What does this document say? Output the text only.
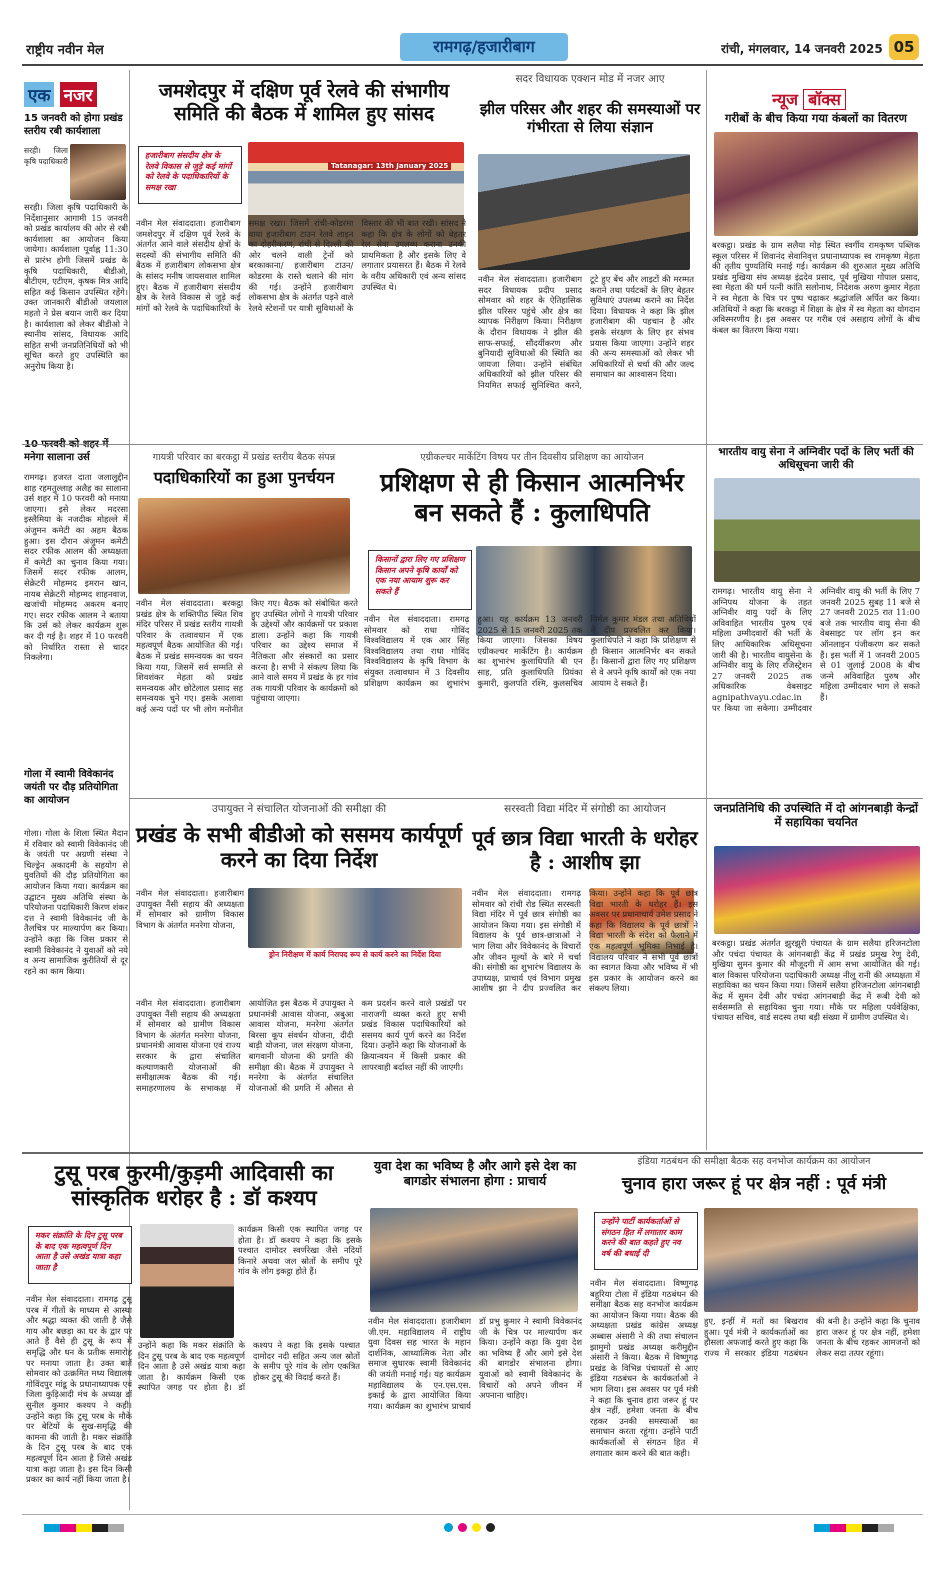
राष्ट्रीय नवीन मेल	रामगढ़/हजारीबाग	रांची, मंगलवार, 14 जनवरी 2025 05
एक नजर
15 जनवरी को होगा प्रखंड स्तरीय रबी कार्यशाला
सरही। जिला कृषि पदाधिकारी
सरही। जिला कृषि पदाधिकारी के निर्देशानुसार आगामी 15 जनवरी को प्रखंड कार्यालय की ओर से रबी कार्यशाला का आयोजन किया जायेगा। कार्यशाला पूर्वाह्न 11:30 से प्रारंभ होगी जिसमें प्रखंड के कृषि पदाधिकारी, बीडीओ, बीटीएम, एटीएम, कृषक मित्र आदि सहित कई किसान उपस्थित रहेंगे। उक्त जानकारी बीडीओ जयलाल महतो ने प्रेस बयान जारी कर दिया है। कार्यशाला को लेकर बीडीओ ने स्थानीय सांसद, विधायक आदि सहित सभी जनप्रतिनिधियों को भी सूचित करते हुए उपस्थिति का अनुरोध किया है।
मनेगा सालाना उर्स
रामगढ़। हजरत दाता जलालुद्दीन शाह रहमतुल्लाह अलैह का सालाना उर्स शहर में 10 फरवरी को मनाया जाएगा। इसे लेकर मदरसा इस्लैमिया के नजदीक मोहल्ले में अंजुमन कमेटी का अहम बैठक हुआ। इस दौरान अंजुमन कमेटी सदर रफीक आलम की अध्यक्षता में कमेटी का चुनाव किया गया। जिसमें सदर रफीक आलम, सेक्रेटरी मोहम्मद इमरान खान, नायब सेक्रेटरी मोहम्मद शाहनवाज, खजांची मोहम्मद अकरम बनाए गए। सदर रफीक आलम ने बताया कि उर्स को लेकर कार्यक्रम शुरू कर दी गई है। शहर में 10 फरवरी को निर्धारित रास्ता से चादर निकलेगा।
गोला में स्वामी विवेकानंद जयंती पर दौड़ प्रतियोगिता का आयोजन
गोला। गोला के शिला स्थित मैदान में रविवार को स्वामी विवेकानंद जी के जयंती पर अग्रणी संस्था ने चिल्ड्रेन अकादमी के सहयोग से युवतियों की दौड़ प्रतियोगिता का आयोजन किया गया। कार्यक्रम का उद्घाटन मुख्य अतिथि संस्था के परियोजना पदाधिकारी किरण शंकर दत्त ने स्वामी विवेकानंद जी के तैलचित्र पर माल्यार्पण कर किया। उन्होंने कहा कि जिस प्रकार से स्वामी विवेकानंद ने युवाओं को नये व अन्य सामाजिक कुरीतियों से दूर रहने का काम किया।
जमशेदपुर में दक्षिण पूर्व रेलवे की संभागीय समिति की बैठक में शामिल हुए सांसद
हजारीबाग संसदीय क्षेत्र के रेलवे विकास से जुड़े कई मांगों को रेलवे के पदाधिकारियों के समक्ष रखा
Tatanagar: 13th January 2025
नवीन मेल संवाददाता। हजारीबाग जमशेदपुर में दक्षिण पूर्व रेलवे के अंतर्गत आने वाले संसदीय क्षेत्रों के सदस्यों की संभागीय समिति की बैठक में हजारीबाग लोकसभा क्षेत्र के सांसद मनीष जायसवाल शामिल हुए। बैठक में हजारीबाग संसदीय क्षेत्र के रेलवे विकास से जुड़े कई मांगों को रेलवे के पदाधिकारियों के समक्ष रखा। जिसमें रांची-कोडरमा वाया हजारीबाग टाउन रेलवे लाइन का दोहरीकरण, रांची से दिल्ली की ओर चलने वाली ट्रेनों को बरकाकाना/ हजारीबाग टाउन/ कोडरमा के रास्ते चलाने की मांग की गई। उन्होंने हजारीबाग लोकसभा क्षेत्र के अंतर्गत पड़ने वाले रेलवे स्टेशनों पर यात्री सुविधाओं के विस्तार की भी बात रखी। सांसद ने कहा कि क्षेत्र के लोगों को बेहतर रेल सेवा उपलब्ध कराना उनकी प्राथमिकता है और इसके लिए वे लगातार प्रयासरत हैं। बैठक में रेलवे के वरीय अधिकारी एवं अन्य सांसद उपस्थित थे।
सदर विधायक एक्शन मोड में नजर आए
झील परिसर और शहर की समस्याओं पर गंभीरता से लिया संज्ञान
नवीन मेल संवाददाता। हजारीबाग सदर विधायक प्रदीप प्रसाद सोमवार को शहर के ऐतिहासिक झील परिसर पहुंचे और क्षेत्र का व्यापक निरीक्षण किया। निरीक्षण के दौरान विधायक ने झील की साफ-सफाई, सौंदर्यीकरण और बुनियादी सुविधाओं की स्थिति का जायजा लिया। उन्होंने संबंधित अधिकारियों को झील परिसर की नियमित सफाई सुनिश्चित करने, टूटे हुए बेंच और लाइटों की मरम्मत कराने तथा पर्यटकों के लिए बेहतर सुविधाएं उपलब्ध कराने का निर्देश दिया। विधायक ने कहा कि झील हजारीबाग की पहचान है और इसके संरक्षण के लिए हर संभव प्रयास किया जाएगा। उन्होंने शहर की अन्य समस्याओं को लेकर भी अधिकारियों से चर्चा की और जल्द समाधान का आश्वासन दिया।
न्यूज बॉक्स
गरीबों के बीच किया गया कंबलों का वितरण
बरकट्ठा। प्रखंड के ग्राम सलैया मोड़ स्थित स्वर्गीय रामकृष्ण पब्लिक स्कूल परिसर में शिवानंद सेवानिवृत्त प्रधानाध्यापक स्व रामकृष्ण मेहता की तृतीय पुण्यतिथि मनाई गई। कार्यक्रम की शुरुआत मुख्य अतिथि प्रखंड मुखिया संघ अध्यक्ष इंद्रदेव प्रसाद, पूर्व मुखिया गोपाल प्रसाद, स्वा मेहता की धर्म पत्नी कांति सलोनाथ, निदेशक अरुण कुमार मेहता ने स्व मेहता के चित्र पर पुष्प चढ़ाकर श्रद्धांजलि अर्पित कर किया। अतिथियों ने कहा कि बरकट्ठा में शिक्षा के क्षेत्र में स्व मेहता का योगदान अविस्मरणीय है। इस अवसर पर गरीब एवं असहाय लोगों के बीच कंबल का वितरण किया गया।
गायत्री परिवार का बरकट्ठा में प्रखंड स्तरीय बैठक संपन्न
पदाधिकारियों का हुआ पुनर्चयन
नवीन मेल संवाददाता। बरकट्ठा प्रखंड क्षेत्र के शक्तिपीठ स्थित शिव मंदिर परिसर में प्रखंड स्तरीय गायत्री परिवार के तत्वावधान में एक महत्वपूर्ण बैठक आयोजित की गई। बैठक में प्रखंड समन्वयक का चयन किया गया, जिसमें सर्व सम्मति से शिवशंकर मेहता को प्रखंड समन्वयक और छोटेलाल प्रसाद सह समन्वयक चुने गए। इसके अलावा कई अन्य पदों पर भी लोग मनोनीत किए गए। बैठक को संबोधित करते हुए उपस्थित लोगों ने गायत्री परिवार के उद्देश्यों और कार्यक्रमों पर प्रकाश डाला। उन्होंने कहा कि गायत्री परिवार का उद्देश्य समाज में नैतिकता और संस्कारों का प्रसार करना है। सभी ने संकल्प लिया कि आने वाले समय में प्रखंड के हर गांव तक गायत्री परिवार के कार्यक्रमों को पहुंचाया जाएगा।
एग्रीकल्चर मार्केटिंग विषय पर तीन दिवसीय प्रशिक्षण का आयोजन
प्रशिक्षण से ही किसान आत्मनिर्भर बन सकते हैं : कुलाधिपति
किसानों द्वारा लिए गए प्रशिक्षण किसान अपने कृषि कार्यों को एक नया आयाम शुरू कर सकते हैं
नवीन मेल संवाददाता। रामगढ़ सोमवार को राधा गोविंद विश्वविद्यालय में एक आर सिंह विश्वविद्यालय तथा राधा गोविंद विश्वविद्यालय के कृषि विभाग के संयुक्त तत्वावधान में 3 दिवसीय प्रशिक्षण कार्यक्रम का शुभारंभ हुआ। यह कार्यक्रम 13 जनवरी 2025 से 15 जनवरी 2025 तक किया जाएगा। जिसका विषय एग्रीकल्चर मार्केटिंग है। कार्यक्रम का शुभारंभ कुलाधिपति बी एन साह, प्रति कुलाधिपति प्रियंका कुमारी, कुलपति रश्मि, कुलसचिव निर्मल कुमार मंडल तथा अतिथियों ने दीप प्रज्वलित कर किया। कुलाधिपति ने कहा कि प्रशिक्षण से ही किसान आत्मनिर्भर बन सकते हैं। किसानों द्वारा लिए गए प्रशिक्षण से वे अपने कृषि कार्यों को एक नया आयाम दे सकते हैं।
भारतीय वायु सेना ने अग्निवीर पदों के लिए भर्ती की अधिसूचना जारी की
रामगढ़। भारतीय वायु सेना ने अग्निपथ योजना के तहत अग्निवीर वायु पदों के लिए अविवाहित भारतीय पुरुष एवं महिला उम्मीदवारों की भर्ती के लिए आधिकारिक अधिसूचना जारी की है। भारतीय वायुसेना के अग्निवीर वायु के लिए रजिस्ट्रेशन 27 जनवरी 2025 तक अधिकारिक वेबसाइट agnipathvayu.cdac.in पर किया जा सकेगा। उम्मीदवार अग्निवीर वायु की भर्ती के लिए 7 जनवरी 2025 सुबह 11 बजे से 27 जनवरी 2025 रात 11:00 बजे तक भारतीय वायु सेना की वेबसाइट पर लॉग इन कर ऑनलाइन पंजीकरण कर सकते हैं। इस भर्ती में 1 जनवरी 2005 से 01 जुलाई 2008 के बीच जन्मे अविवाहित पुरुष और महिला उम्मीदवार भाग ले सकते हैं।
उपायुक्त ने संचालित योजनाओं की समीक्षा की
प्रखंड के सभी बीडीओ को ससमय कार्यपूर्ण करने का दिया निर्देश
ड्रोन निरीक्षण में कार्य निरापद रूप से कार्य करने का निर्देश दिया
नवीन मेल संवाददाता। हजारीबाग उपायुक्त नैंसी सहाय की अध्यक्षता में सोमवार को ग्रामीण विकास विभाग के अंतर्गत मनरेगा योजना,
नवीन मेल संवाददाता। हजारीबाग उपायुक्त नैंसी सहाय की अध्यक्षता में सोमवार को ग्रामीण विकास विभाग के अंतर्गत मनरेगा योजना, प्रधानमंत्री आवास योजना एवं राज्य सरकार के द्वारा संचालित कल्याणकारी योजनाओं की समीक्षात्मक बैठक की गई। समाहरणालय के सभाकक्ष में आयोजित इस बैठक में उपायुक्त ने प्रधानमंत्री आवास योजना, अबुआ आवास योजना, मनरेगा अंतर्गत बिरसा कूप संवर्धन योजना, दीदी बाड़ी योजना, जल संरक्षण योजना, बागवानी योजना की प्रगति की समीक्षा की। बैठक में उपायुक्त ने मनरेगा के अंतर्गत संचालित योजनाओं की प्रगति में औसत से कम प्रदर्शन करने वाले प्रखंडों पर नाराजगी व्यक्त करते हुए सभी प्रखंड विकास पदाधिकारियों को ससमय कार्य पूर्ण करने का निर्देश दिया। उन्होंने कहा कि योजनाओं के क्रियान्वयन में किसी प्रकार की लापरवाही बर्दाश्त नहीं की जाएगी।
सरस्वती विद्या मंदिर में संगोष्ठी का आयोजन
पूर्व छात्र विद्या भारती के धरोहर है : आशीष झा
नवीन मेल संवाददाता। रामगढ़ सोमवार को रांची रोड स्थित सरस्वती विद्या मंदिर में पूर्व छात्र संगोष्ठी का आयोजन किया गया। इस संगोष्ठी में विद्यालय के पूर्व छात्र-छात्राओं ने भाग लिया और विवेकानंद के विचारों और जीवन मूल्यों के बारे में चर्चा की। संगोष्ठी का शुभारंभ विद्यालय के उपाध्यक्ष, प्राचार्य एवं विभाग प्रमुख आशीष झा ने दीप प्रज्वलित कर किया। उन्होंने कहा कि पूर्व छात्र विद्या भारती के धरोहर हैं। इस अवसर पर प्रधानाचार्य उमेश प्रसाद ने कहा कि विद्यालय के पूर्व छात्रों ने विद्या भारती के संदेश को फैलाने में एक महत्वपूर्ण भूमिका निभाई है। विद्यालय परिवार ने सभी पूर्व छात्रों का स्वागत किया और भविष्य में भी इस प्रकार के आयोजन करने का संकल्प लिया।
जनप्रतिनिधि की उपस्थिति में दो आंगनबाड़ी केन्द्रों में सहायिका चयनित
बरकट्ठा। प्रखंड अंतर्गत झुरझुरी पंचायत के ग्राम सलैया हरिजनटोला और पचंदा पंचायत के आंगनबाड़ी केंद्र में प्रखंड प्रमुख रेणु देवी, मुखिया सुमन कुमार की मौजूदगी में आम सभा आयोजित की गई। बाल विकास परियोजना पदाधिकारी अध्यक्ष नीलू रानी की अध्यक्षता में सहायिका का चयन किया गया। जिसमें सलैया हरिजनटोला आंगनबाड़ी केंद्र में सुमन देवी और पचंदा आंगनबाड़ी केंद्र में रूबी देवी को सर्वसम्मति से सहायिका चुना गया। मौके पर महिला पर्यवेक्षिका, पंचायत सचिव, वार्ड सदस्य तथा बड़ी संख्या में ग्रामीण उपस्थित थे।
टुसू परब कुरमी/कुड़मी आदिवासी का सांस्कृतिक धरोहर है : डॉ कश्यप
मकर संक्रांति के दिन टुसू परब के बाद एक महत्वपूर्ण दिन आता है उसे अखंड यात्रा कहा जाता है
नवीन मेल संवाददाता। रामगढ़ टुसू परब में गीतों के माध्यम से आस्था और श्रद्धा व्यक्त की जाती है जैसे गाय और बछड़ा का घर के द्वार पर आते हैं वैसे ही टुसू के रूप में समृद्धि और धन के प्रतीक समारोह पर मनाया जाता है। उक्त बातें सोमवार को उत्क्रमित मध्य विद्यालय गोविंदपुर मांडू के प्रधानाध्यापक एवं जिला कुड़िआदी मंच के अध्यक्ष डॉ सुनील कुमार कश्यप ने कही। उन्होंने कहा कि टुसू परब के मौके पर बेटियों के सुख-समृद्धि की कामना की जाती है। मकर संक्रांति के दिन टुसू परब के बाद एक महत्वपूर्ण दिन आता है जिसे अखंड यात्रा कहा जाता है। इस दिन किसी प्रकार का कार्य नहीं किया जाता है।
उन्होंने कहा कि मकर संक्रांति के दिन टुसू परब के बाद एक महत्वपूर्ण दिन आता है उसे अखंड यात्रा कहा जाता है। कार्यक्रम किसी एक स्थापित जगह पर होता है। डॉ कश्यप ने कहा कि इसके पश्चात दामोदर नदी सहित अन्य जल स्रोतों के समीप पूरे गांव के लोग एकत्रित होकर टुसू की विदाई करते हैं।
कार्यक्रम किसी एक स्थापित जगह पर होता है। डॉ कश्यप ने कहा कि इसके पश्चात दामोदर स्वर्णरेखा जैसे नदियों किनारे अथवा जल स्रोतों के समीप पूरे गांव के लोग इकट्ठा होते हैं।
युवा देश का भविष्य है और आगे इसे देश का बागडोर संभालना होगा : प्राचार्य
नवीन मेल संवाददाता। हजारीबाग जी.एम. महाविद्यालय में राष्ट्रीय युवा दिवस सह भारत के महान दार्शनिक, आध्यात्मिक नेता और समाज सुधारक स्वामी विवेकानंद की जयंती मनाई गई। यह कार्यक्रम महाविद्यालय के एन.एस.एस. इकाई के द्वारा आयोजित किया गया। कार्यक्रम का शुभारंभ प्राचार्य डॉ प्रभु कुमार ने स्वामी विवेकानंद जी के चित्र पर माल्यार्पण कर किया। उन्होंने कहा कि युवा देश का भविष्य हैं और आगे इसे देश की बागडोर संभालना होगा। युवाओं को स्वामी विवेकानंद के विचारों को अपने जीवन में अपनाना चाहिए।
इंडिया गठबंधन की समीक्षा बैठक सह वनभोज कार्यक्रम का आयोजन
चुनाव हारा जरूर हूं पर क्षेत्र नहीं : पूर्व मंत्री
उन्होंने पार्टी कार्यकर्ताओं से संगठन हित में लगातार काम करने की बात कहते हुए नव वर्ष की बधाई दी
नवीन मेल संवाददाता। विष्णुगढ़ बहुरिया टोला में इंडिया गठबंधन की समीक्षा बैठक सह वनभोज कार्यक्रम का आयोजन किया गया। बैठक की अध्यक्षता प्रखंड कांग्रेस अध्यक्ष अब्बास अंसारी ने की तथा संचालन झामुमो प्रखंड अध्यक्ष करीमुद्दीन अंसारी ने किया। बैठक में विष्णुगढ़ प्रखंड के विभिन्न पंचायतों से आए इंडिया गठबंधन के कार्यकर्ताओं ने भाग लिया। इस अवसर पर पूर्व मंत्री ने कहा कि चुनाव हारा जरूर हूं पर क्षेत्र नहीं, हमेशा जनता के बीच रहकर उनकी समस्याओं का समाधान करता रहूंगा। उन्होंने पार्टी कार्यकर्ताओं से संगठन हित में लगातार काम करने की बात कही।
हुए, इन्हीं में मतों का बिखराव हुआ। पूर्व मंत्री ने कार्यकर्ताओं का हौसला अफजाई करते हुए कहा कि राज्य में सरकार इंडिया गठबंधन की बनी है। उन्होंने कहा कि चुनाव हारा जरूर हूं पर क्षेत्र नहीं, हमेशा जनता के बीच रहकर आमजनों को लेकर सदा तत्पर रहूंगा।
